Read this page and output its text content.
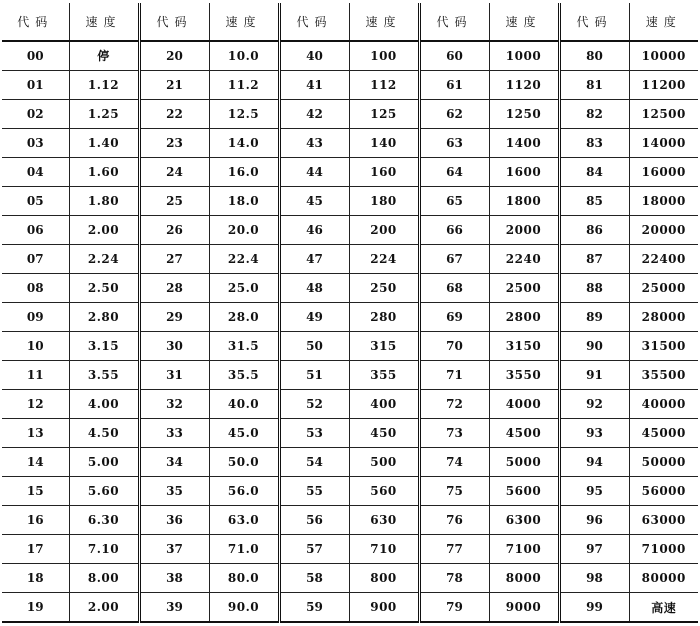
代码	速度	代码	速度	代码	速度	代码	速度	代码	速度
00	停	20	10.0	40	100	60	1000	80	10000
01	1.12	21	11.2	41	112	61	1120	81	11200
02	1.25	22	12.5	42	125	62	1250	82	12500
03	1.40	23	14.0	43	140	63	1400	83	14000
04	1.60	24	16.0	44	160	64	1600	84	16000
05	1.80	25	18.0	45	180	65	1800	85	18000
06	2.00	26	20.0	46	200	66	2000	86	20000
07	2.24	27	22.4	47	224	67	2240	87	22400
08	2.50	28	25.0	48	250	68	2500	88	25000
09	2.80	29	28.0	49	280	69	2800	89	28000
10	3.15	30	31.5	50	315	70	3150	90	31500
11	3.55	31	35.5	51	355	71	3550	91	35500
12	4.00	32	40.0	52	400	72	4000	92	40000
13	4.50	33	45.0	53	450	73	4500	93	45000
14	5.00	34	50.0	54	500	74	5000	94	50000
15	5.60	35	56.0	55	560	75	5600	95	56000
16	6.30	36	63.0	56	630	76	6300	96	63000
17	7.10	37	71.0	57	710	77	7100	97	71000
18	8.00	38	80.0	58	800	78	8000	98	80000
19	2.00	39	90.0	59	900	79	9000	99	高速
